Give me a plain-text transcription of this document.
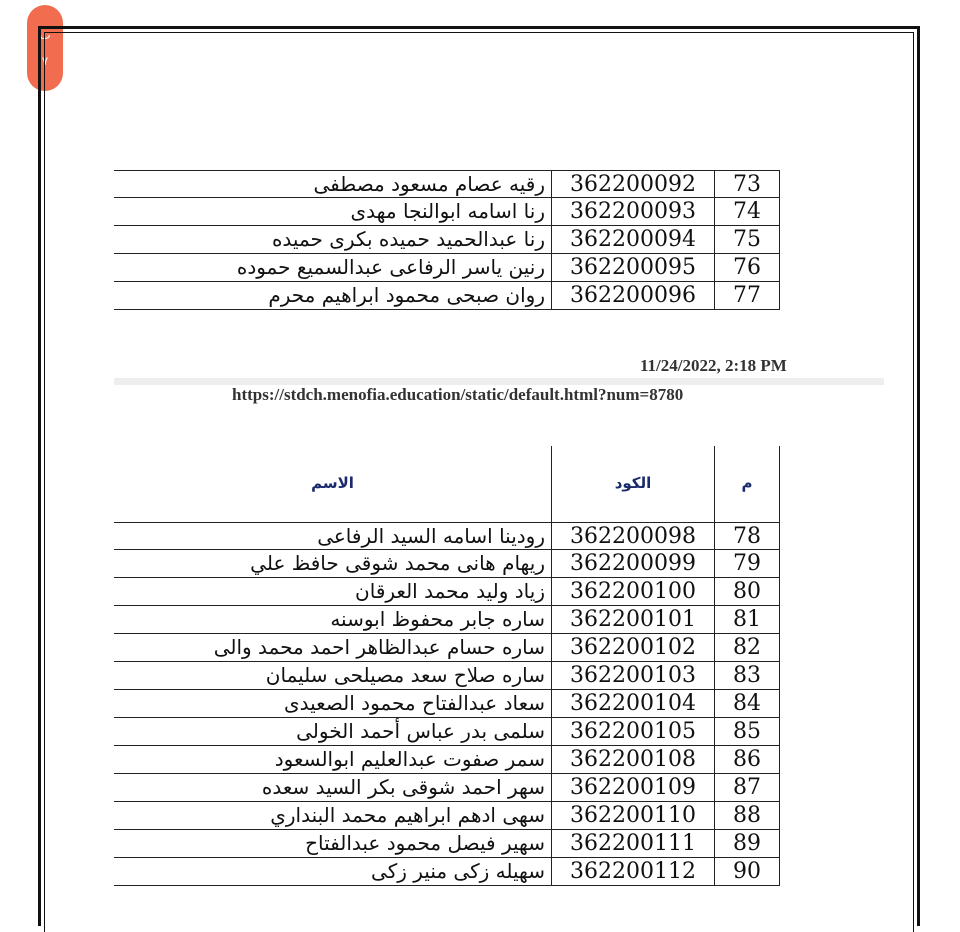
ب
٧
رقيه عصام مسعود مصطفى	362200092	73
رنا اسامه ابوالنجا مهدى	362200093	74
رنا عبدالحميد حميده بكرى حميده	362200094	75
رنين ياسر الرفاعى عبدالسميع حموده	362200095	76
روان صبحى محمود ابراهيم محرم	362200096	77
11/24/2022, 2:18 PM
https://stdch.menofia.education/static/default.html?num=8780
الاسم	الكود	م
رودينا اسامه السيد الرفاعى	362200098	78
ريهام هانى محمد شوقى حافظ علي	362200099	79
زياد وليد محمد العرقان	362200100	80
ساره جابر محفوظ ابوسنه	362200101	81
ساره حسام عبدالظاهر احمد محمد والى	362200102	82
ساره صلاح سعد مصيلحى سليمان	362200103	83
سعاد عبدالفتاح محمود الصعيدى	362200104	84
سلمى بدر عباس أحمد الخولى	362200105	85
سمر صفوت عبدالعليم ابوالسعود	362200108	86
سهر احمد شوقى بكر السيد سعده	362200109	87
سهى ادهم ابراهيم محمد البنداري	362200110	88
سهير فيصل محمود عبدالفتاح	362200111	89
سهيله زكى منير زكى	362200112	90
